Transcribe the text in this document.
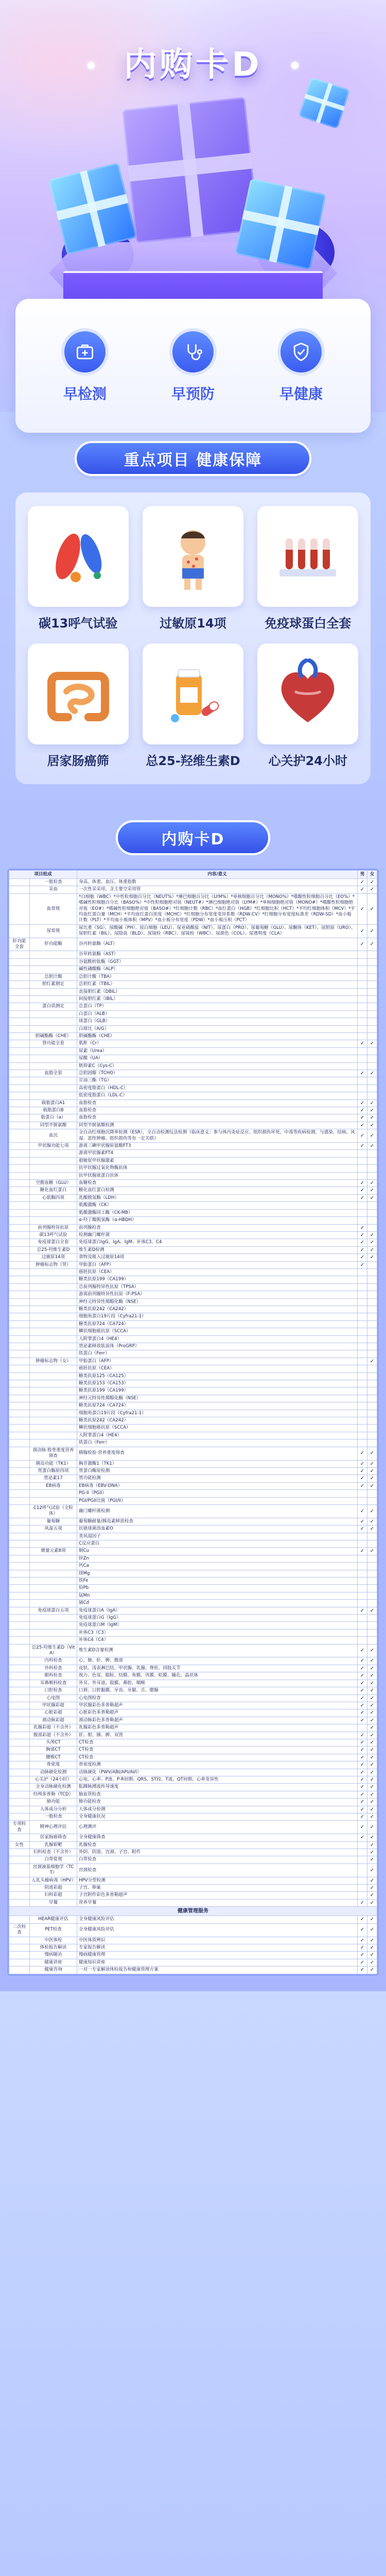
内购卡D
早检测	早预防	早健康
重点项目 健康保障
碳13呼气试验	过敏原14项	免疫球蛋白全套
居家肠癌筛	总25-羟维生素D 心关护24小时
内购卡D
项目组成		内容/意义	男	女
	一般检查	身高、体重、血压、体重指数	✓	✓
	采血	一次性采采用，含主要空采用管	✓	✓
	血常规	*白细胞（WBC）*中性粒细胞百分比（NEUT%）*淋巴细胞百分比（LYM%）*单核细胞百分比（MONO%）*嗜酸性粒细胞百分比（EO%）*嗜碱性粒细胞百分比（BASO%）*中性粒细胞绝对值（NEUT#）*淋巴细胞绝对值（LYM#）*单核细胞绝对值（MONO#）*嗜酸性粒细胞绝对值（EO#）*嗜碱性粒细胞绝对值（BASO#）*红细胞计数（RBC）*血红蛋白（HGB）*红细胞比积（HCT）*平均红细胞体积（MCV）*平均血红蛋白量（MCH）*平均血红蛋白浓度（MCHC）*红细胞分布宽度变异系数（RDW-CV）*红细胞分布宽度标准差（RDW-SD）*血小板计数（PLT）*平均血小板体积（MPV）*血小板分布宽度（PDW）*血小板压积（PCT）	✓	✓
	尿常规	尿比重（SG）、尿酸碱（PH）、尿白细胞（LEU）、尿亚硝酸盐（NIT）、尿蛋白（PRO）、尿葡萄糖（GLU）、尿酮体（KET）、尿胆原（URO）、尿胆红素（BIL）、尿隐血（BLD）、尿镜检（RBC）、尿镜检（WBC）、尿颜色（COL）、尿透明度（CLA）	✓	✓
肝功能全套	肝功能酶	谷丙转氨酶（ALT）	✓	✓
		谷草转氨酶（AST）		
		谷氨酰转肽酶（GGT）		
		碱性磷酸酶（ALP）		
	总胆汁酸	总胆汁酸（TBA）		
	胆红素测定	总胆红素（TBIL）		
		直接胆红素（DBIL）		
		间接胆红素（IBIL）		
	蛋白质测定	总蛋白（TP）		
		白蛋白（ALB）		
		球蛋白（GLB）		
		白球比（A/G）		
	胆碱酯酶（CHE）	胆碱酯酶（CHE）		
	肾功能全套	肌酐（Cr）	✓	✓
		尿素（Urea）		
		尿酸（UA）		
		胱抑素C（Cys-C）		
	血脂全套	总胆固醇（TCHO）	✓	✓
		甘油三酯（TG）		
		高密度脂蛋白（HDL-C）		
		低密度脂蛋白（LDL-C）		
	载脂蛋白A1	血脂检查	✓	✓
	载脂蛋白B	血脂检查	✓	✓
	脂蛋白（a）	血脂检查	✓	✓
	同型半胱氨酸	同型半胱氨酸检测	✓	✓
	血沉	全自动红细胞沉降率检测（ESR），全自动检测仪法检测（临床意义：参与体内炎症反应、组织损伤坏死、中毒等疾病检测，与感染、结核、风湿、恶性肿瘤、组织损伤等有一定关联）	✓	✓
	甲状腺功能七项	游离三碘甲状腺原氨酸FT3	✓	✓
		游离甲状腺素FT4		
		超敏促甲状腺激素		
		抗甲状腺过氧化物酶抗体		
		抗甲状腺球蛋白抗体		
	空腹血糖（GLU）	血糖检查	✓	✓
	糖化血红蛋白	糖化血红蛋白检测	✓	✓
	心肌酶四项	乳酸脱氢酶（LDH）	✓	✓
		肌酸激酶（CK）		
		肌酸激酶同工酶（CK-MB）		
		α-羟丁酸脱氢酶（α-HBDH）		
	前列腺特异抗原	前列腺检查	✓	
	碳13呼气试验	检测幽门螺杆菌	✓	✓
	免疫球蛋白全套	免疫球蛋白IgG、IgA、IgM、补体C3、C4	✓	✓
	总25-羟维生素D	维生素D检测	✓	✓
	过敏原14项	食物及吸入过敏原14项	✓	✓
	肿瘤标志物（男）	甲胎蛋白（AFP）	✓	
		癌胚抗原（CEA）		
		糖类抗原199（CA199）		
		总前列腺特异性抗原（TPSA）		
		游离前列腺特异性抗原（F-PSA）		
		神经元特异性烯醇化酶（NSE）		
		糖类抗原242（CA242）		
		细胞角蛋白19片段（Cyfra21-1）		
		糖类抗原724（CA724）		
		鳞状细胞癌抗原（SCCA）		
		人附睾蛋白4（HE4）		
		胃泌素释放肽前体（ProGRP）		
		铁蛋白（Ferr）		
	肿瘤标志物（女）	甲胎蛋白（AFP）		✓
		癌胚抗原（CEA）		
		糖类抗原125（CA125）		
		糖类抗原153（CA153）		
		糖类抗原199（CA199）		
		神经元特异性烯醇化酶（NSE）		
		糖类抗原724（CA724）		
		细胞角蛋白19片段（Cyfra21-1）		
		糖类抗原242（CA242）		
		鳞状细胞癌抗原（SCCA）		
		人附睾蛋白4（HE4）		
		铁蛋白（Ferr）		
	颈动脉·股骨重度营养筛查	胰腺检验·营养重度筛查	✓	✓
	胰岛功能（TK1）	胸苷激酶1（TK1）	✓	✓
	胃蛋白酶原四项	胃蛋白酶原检测	✓	✓
	胃泌素17	胃功能检测	✓	✓
	EB病毒	EB病毒（EBV-DNA）	✓	✓
		PG-II（PGII）		
		PGI/PGII比值（PGI/II）		
	C12呼气试验（全粒体）	幽门螺杆菌检测	✓	✓
	葡萄糖	葡萄糖耐量/胰岛素释放检查	✓	✓
	风湿五项	抗链球菌溶血素O	✓	✓
		类风湿因子		
		C反应蛋白		
	微量元素8项	铜Cu	✓	✓
		锌Zn		
		钙Ca		
		镁Mg		
		铁Fe		
		铅Pb		
		锰Mn		
		镉Cd		
	免疫球蛋白五项	免疫球蛋白A（IgA）	✓	✓
		免疫球蛋白G（IgG）		
		免疫球蛋白M（IgM）		
		补体C3（C3）		
		补体C4（C4）		
	总25-羟维生素D（VitA）	维生素D含量检测	✓	✓
	内科检查	心、肺、肝、脾、腹部	✓	✓
	外科检查	皮肤、浅表淋巴结、甲状腺、乳腺、脊柱、四肢关节	✓	✓
	眼科检查	视力、色觉、眼睑、结膜、角膜、巩膜、虹膜、瞳孔、晶状体	✓	✓
	耳鼻喉科检查	外耳、外耳道、鼓膜、鼻腔、咽喉	✓	✓
	口腔检查	口唇、口腔黏膜、牙齿、牙龈、舌、腮腺	✓	✓
	心电图	心电图检查	✓	✓
	甲状腺彩超	甲状腺彩色多普勒超声	✓	✓
	心脏彩超	心脏彩色多普勒超声	✓	✓
	颈动脉彩超	颈动脉彩色多普勒超声	✓	✓
	乳腺彩超（不含外）	乳腺彩色多普勒超声		✓
	腹部彩超（不含外）	肝、胆、胰、脾、双肾	✓	✓
	头颅CT	CT检查	✓	✓
	胸部CT	CT检查	✓	✓
	腰椎CT	CT检查	✓	✓
	骨密度	骨密度检测	✓	✓
	动脉硬化检测	动脉硬化（PWV/ABI/API/AVI）	✓	✓
	心关护（24小时）	心电、心率、P波、P-R间期、QRS、ST段、T波、QT间期、心率变异性	✓	✓
	全身动脉硬化检测	肱踝脉搏波传导速度	✓	✓
	经颅多普勒（TCD）	脑血管检查	✓	✓
	肺功能	肺功能检查	✓	✓
	人体成分分析	人体成分检测	✓	✓
	一般检查	全身健康状况	✓	✓
专项检查	精神心理评估	心理测评	✓	✓
	居家肠癌筛查	全身健康筛查	✓	✓
女性	乳腺钼靶	乳腺检查		✓
	妇科检查（不含外）	外阴、阴道、宫颈、子宫、附件		✓
	白带常规	白带检查		✓
	宫颈液基细胞学（TCT）	宫颈检查		✓
	人乳头瘤病毒（HPV）	HPV分型检测		✓
	阴道彩超	子宫、卵巢		✓
	妇科彩超	子宫附件彩色多普勒超声		✓
	早餐	营养早餐	✓	✓
健康管理服务				
	HEAR健康评估	全身健康风险评估	✓	✓
二次检查	PET检查	全身健康风险评估	✓	✓
	中医体检	中医体质辨识	✓	✓
	体检报告解读	专家报告解读	✓	✓
	慢病随访	慢病健康管理	✓	✓
	健康讲座	健康知识讲座	✓	✓
	健康咨询	一对一专家解读体检报告和健康管理方案	✓	✓
